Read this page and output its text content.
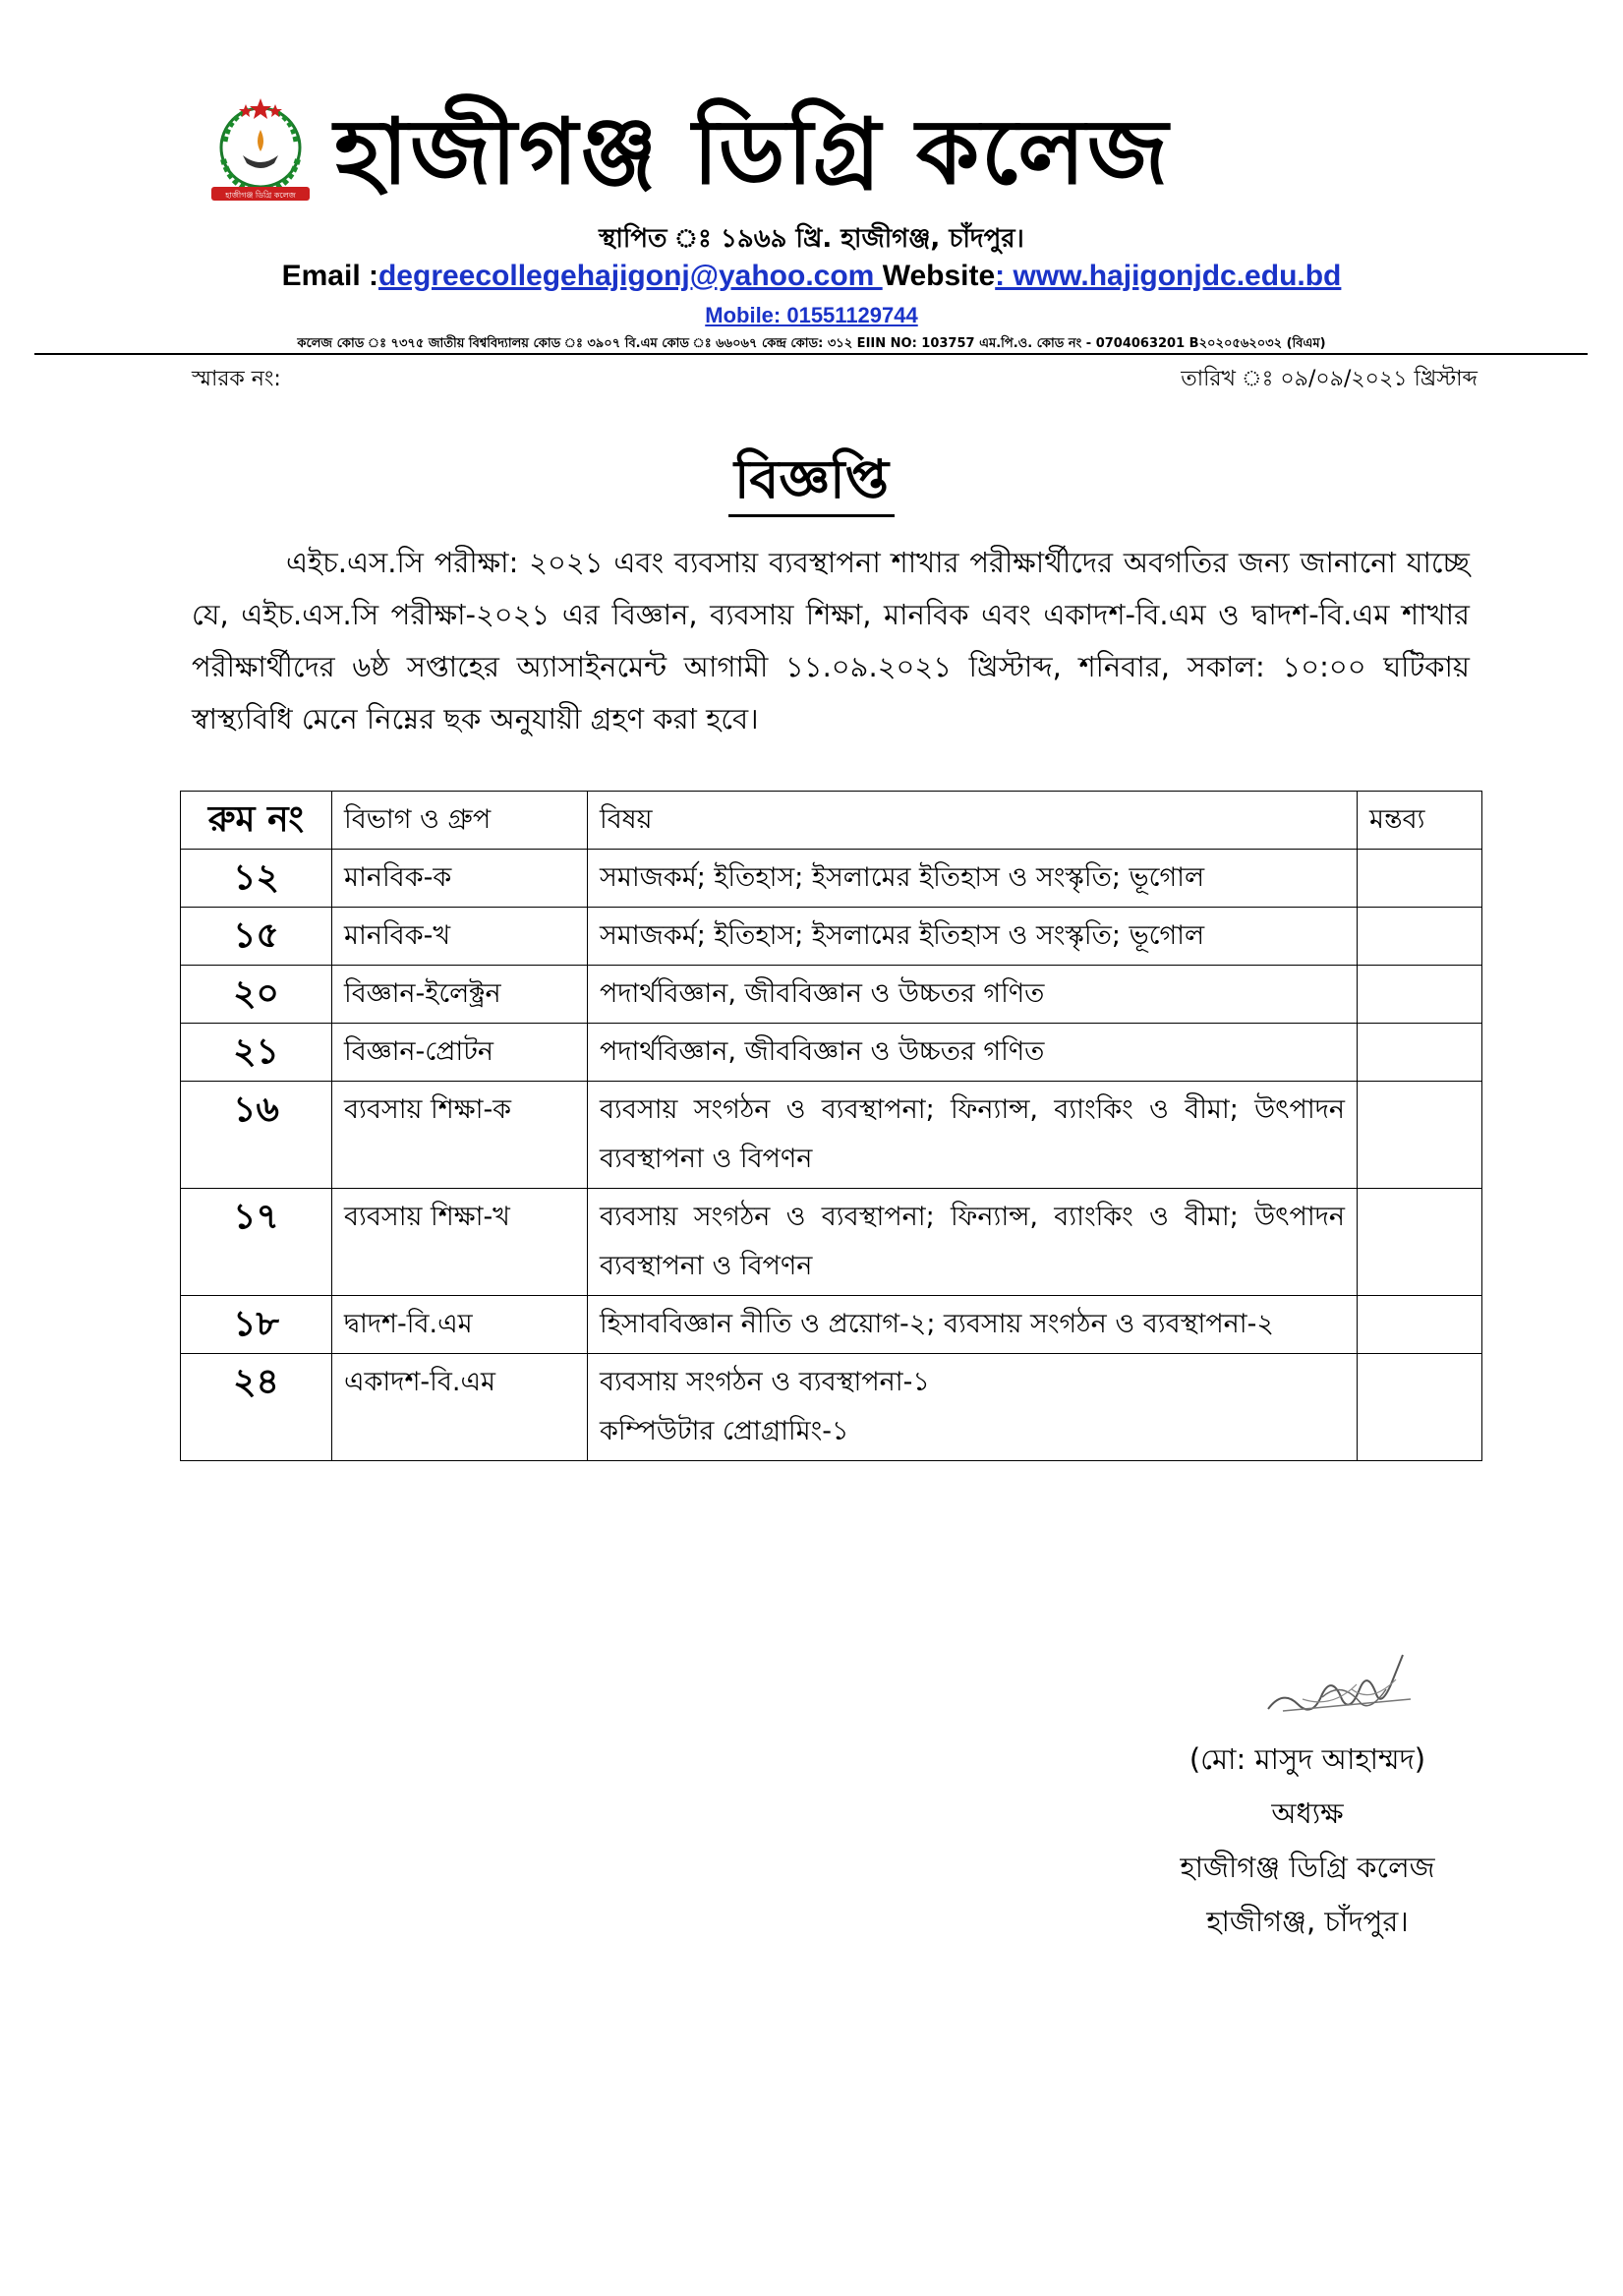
হাজীগঞ্জ ডিগ্রি কলেজ হাজীগঞ্জ ডিগ্রি কলেজ
স্থাপিত ঃ ১৯৬৯ খ্রি. হাজীগঞ্জ, চাঁদপুর।
Email :degreecollegehajigonj@yahoo.com Website: www.hajigonjdc.edu.bd
Mobile: 01551129744
কলেজ কোড ঃ ৭৩৭৫ জাতীয় বিশ্ববিদ্যালয় কোড ঃ ৩৯০৭ বি.এম কোড ঃ ৬৬০৬৭ কেন্দ্র কোড: ৩১২ EIIN NO: 103757 এম.পি.ও. কোড নং - 0704063201 B২০২০৫৬২০৩২ (বিএম)
স্মারক নং:	তারিখ ঃ ০৯/০৯/২০২১ খ্রিস্টাব্দ
বিজ্ঞপ্তি
এইচ.এস.সি পরীক্ষা: ২০২১ এবং ব্যবসায় ব্যবস্থাপনা শাখার পরীক্ষার্থীদের অবগতির জন্য জানানো যাচ্ছে যে, এইচ.এস.সি পরীক্ষা-২০২১ এর বিজ্ঞান, ব্যবসায় শিক্ষা, মানবিক এবং একাদশ-বি.এম ও দ্বাদশ-বি.এম শাখার পরীক্ষার্থীদের ৬ষ্ঠ সপ্তাহের অ্যাসাইনমেন্ট আগামী ১১.০৯.২০২১ খ্রিস্টাব্দ, শনিবার, সকাল: ১০:০০ ঘটিকায় স্বাস্থ্যবিধি মেনে নিম্নের ছক অনুযায়ী গ্রহণ করা হবে।
রুম নং	বিভাগ ও গ্রুপ	বিষয়	মন্তব্য
১২	মানবিক-ক	সমাজকর্ম; ইতিহাস; ইসলামের ইতিহাস ও সংস্কৃতি; ভূগোল	
১৫	মানবিক-খ	সমাজকর্ম; ইতিহাস; ইসলামের ইতিহাস ও সংস্কৃতি; ভূগোল	
২০	বিজ্ঞান-ইলেক্ট্রন	পদার্থবিজ্ঞান, জীববিজ্ঞান ও উচ্চতর গণিত	
২১	বিজ্ঞান-প্রোটন	পদার্থবিজ্ঞান, জীববিজ্ঞান ও উচ্চতর গণিত	
১৬	ব্যবসায় শিক্ষা-ক	ব্যবসায় সংগঠন ও ব্যবস্থাপনা; ফিন্যান্স, ব্যাংকিং ও বীমা; উৎপাদন ব্যবস্থাপনা ও বিপণন	
১৭	ব্যবসায় শিক্ষা-খ	ব্যবসায় সংগঠন ও ব্যবস্থাপনা; ফিন্যান্স, ব্যাংকিং ও বীমা; উৎপাদন ব্যবস্থাপনা ও বিপণন	
১৮	দ্বাদশ-বি.এম	হিসাববিজ্ঞান নীতি ও প্রয়োগ-২; ব্যবসায় সংগঠন ও ব্যবস্থাপনা-২	
২৪	একাদশ-বি.এম	ব্যবসায় সংগঠন ও ব্যবস্থাপনা-১
কম্পিউটার প্রোগ্রামিং-১	

(মো: মাসুদ আহাম্মদ)
অধ্যক্ষ
হাজীগঞ্জ ডিগ্রি কলেজ
হাজীগঞ্জ, চাঁদপুর।
